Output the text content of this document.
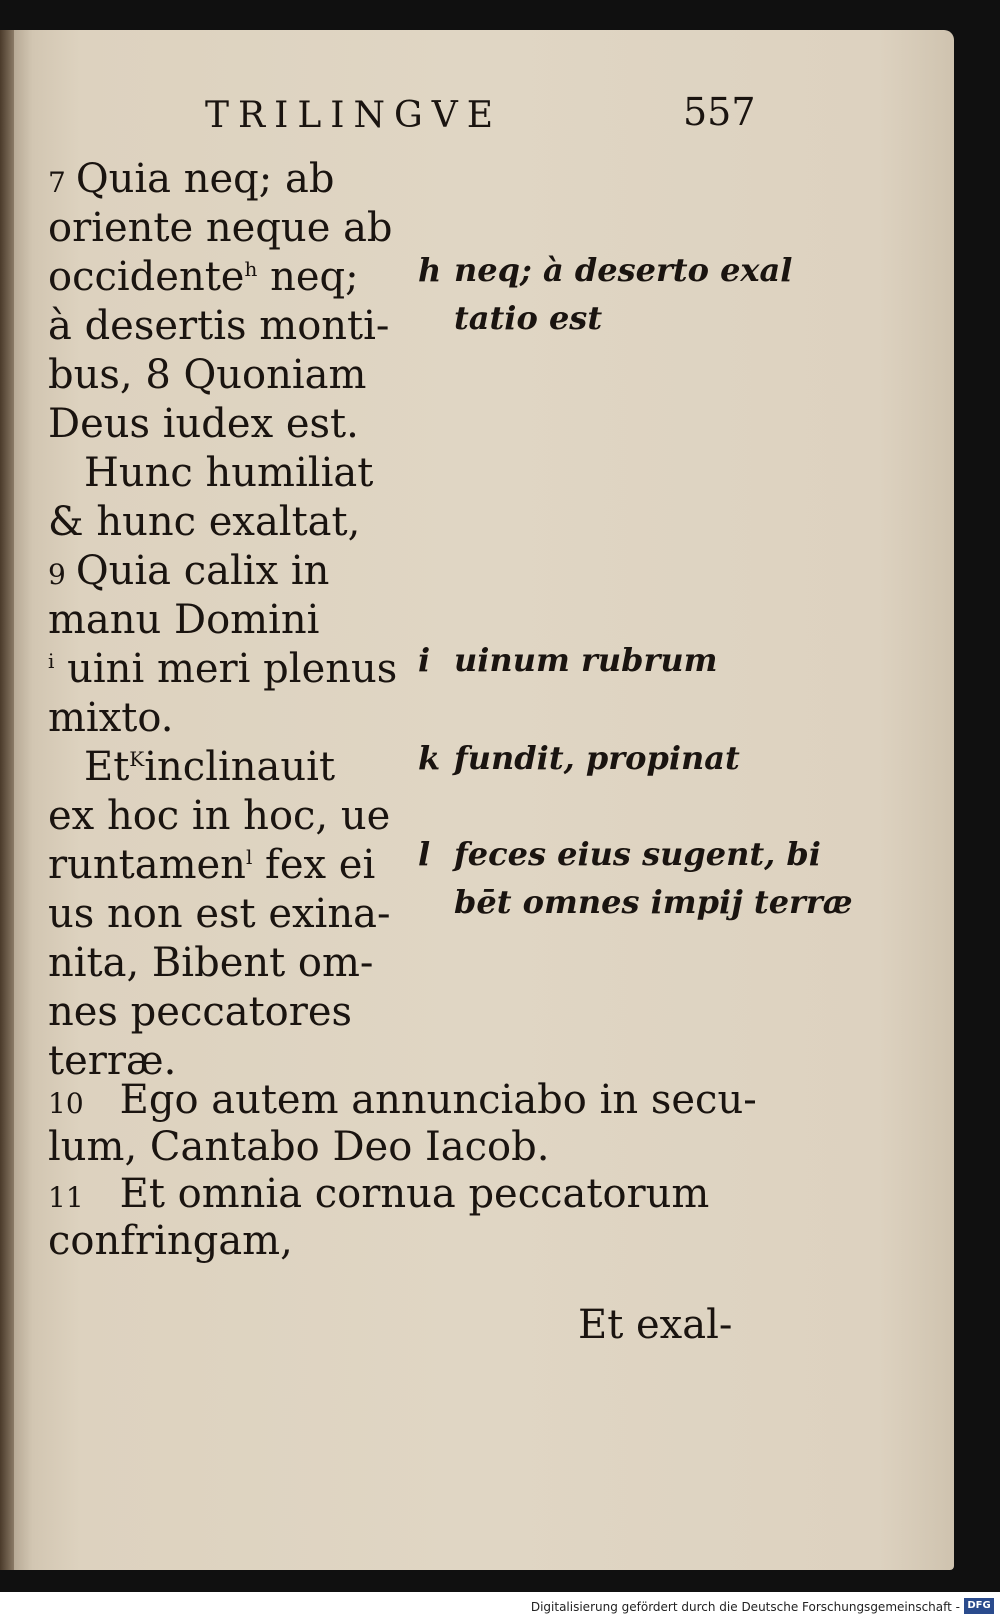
TRILINGVE	557
7 Quia neq; ab
oriente neque ab
occidente$^h$ neq;
à desertis monti-
bus, 8 Quoniam
Deus iudex est.
Hunc humiliat
& hunc exaltat,
9 Quia calix in
manu Domini
$^i$ uini meri plenus
mixto.
$Et^Kinclinauit$
ex hoc in hoc, ue
runtamen$^l$ fex ei
us non est exina-
nita, Bibent om-
nes peccatores
terræ.
10 Ego autem annunciabo in secu-
lum, Cantabo Deo Iacob.
11 Et omnia cornua peccatorum
confringam,
Et exal-
h neq; à deserto exal
tatio est
i uinum rubrum
k fundit, propinat
l feces eius sugent, bi
bēt omnes impij terræ
Digitalisierung gefördert durch die Deutsche Forschungsgemeinschaft - DFG
